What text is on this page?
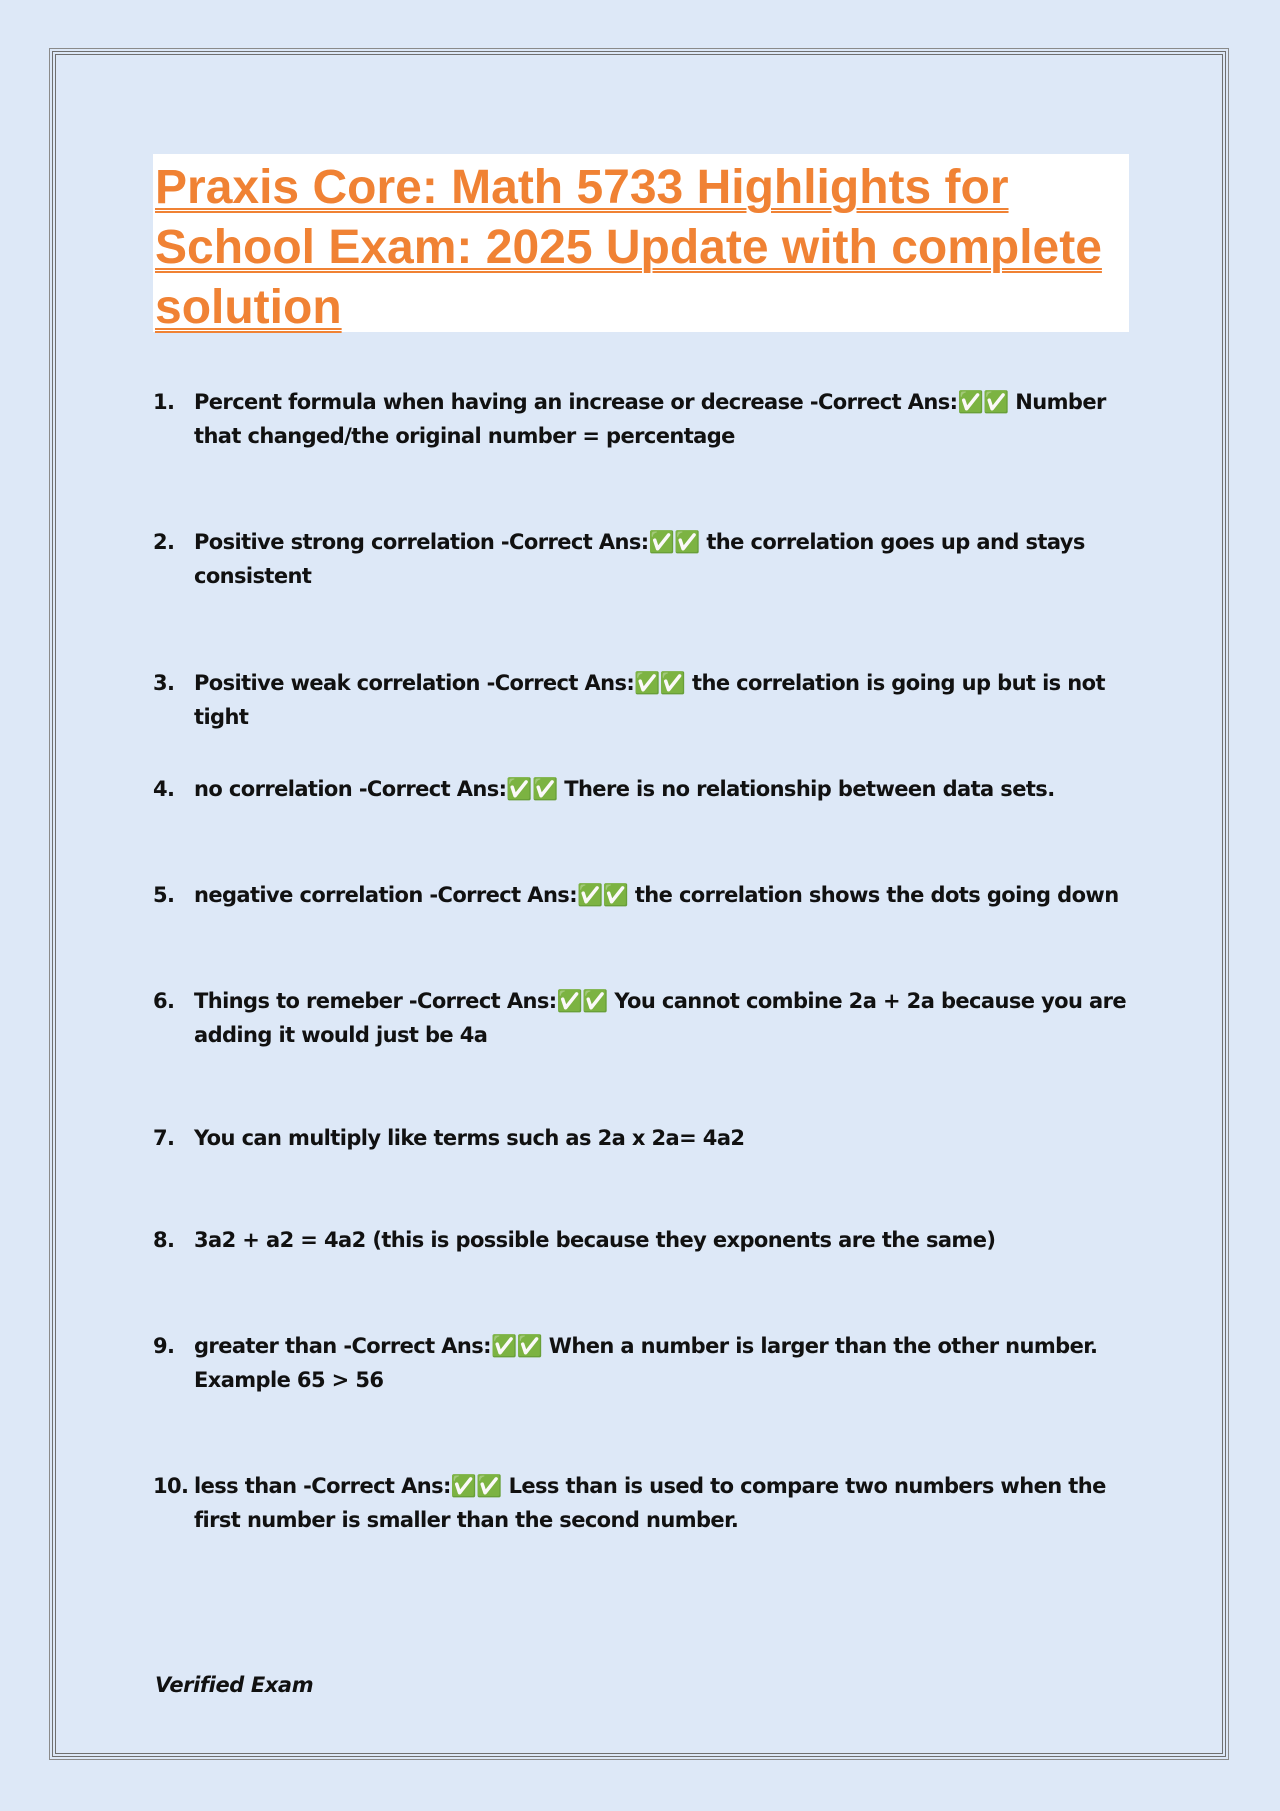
Praxis Core: Math 5733 Highlights for School Exam: 2025 Update with complete solution
1. Percent formula when having an increase or decrease -Correct Ans:✅✅ Number that changed/the original number = percentage
2. Positive strong correlation -Correct Ans:✅✅ the correlation goes up and stays consistent
3. Positive weak correlation -Correct Ans:✅✅ the correlation is going up but is not tight
4. no correlation -Correct Ans:✅✅ There is no relationship between data sets.
5. negative correlation -Correct Ans:✅✅ the correlation shows the dots going down
6. Things to remeber -Correct Ans:✅✅ You cannot combine 2a + 2a because you are adding it would just be 4a
7. You can multiply like terms such as 2a x 2a= 4a2
8. 3a2 + a2 = 4a2 (this is possible because they exponents are the same)
9. greater than -Correct Ans:✅✅ When a number is larger than the other number. Example 65 > 56
10. less than -Correct Ans:✅✅ Less than is used to compare two numbers when the first number is smaller than the second number.
Verified Exam
